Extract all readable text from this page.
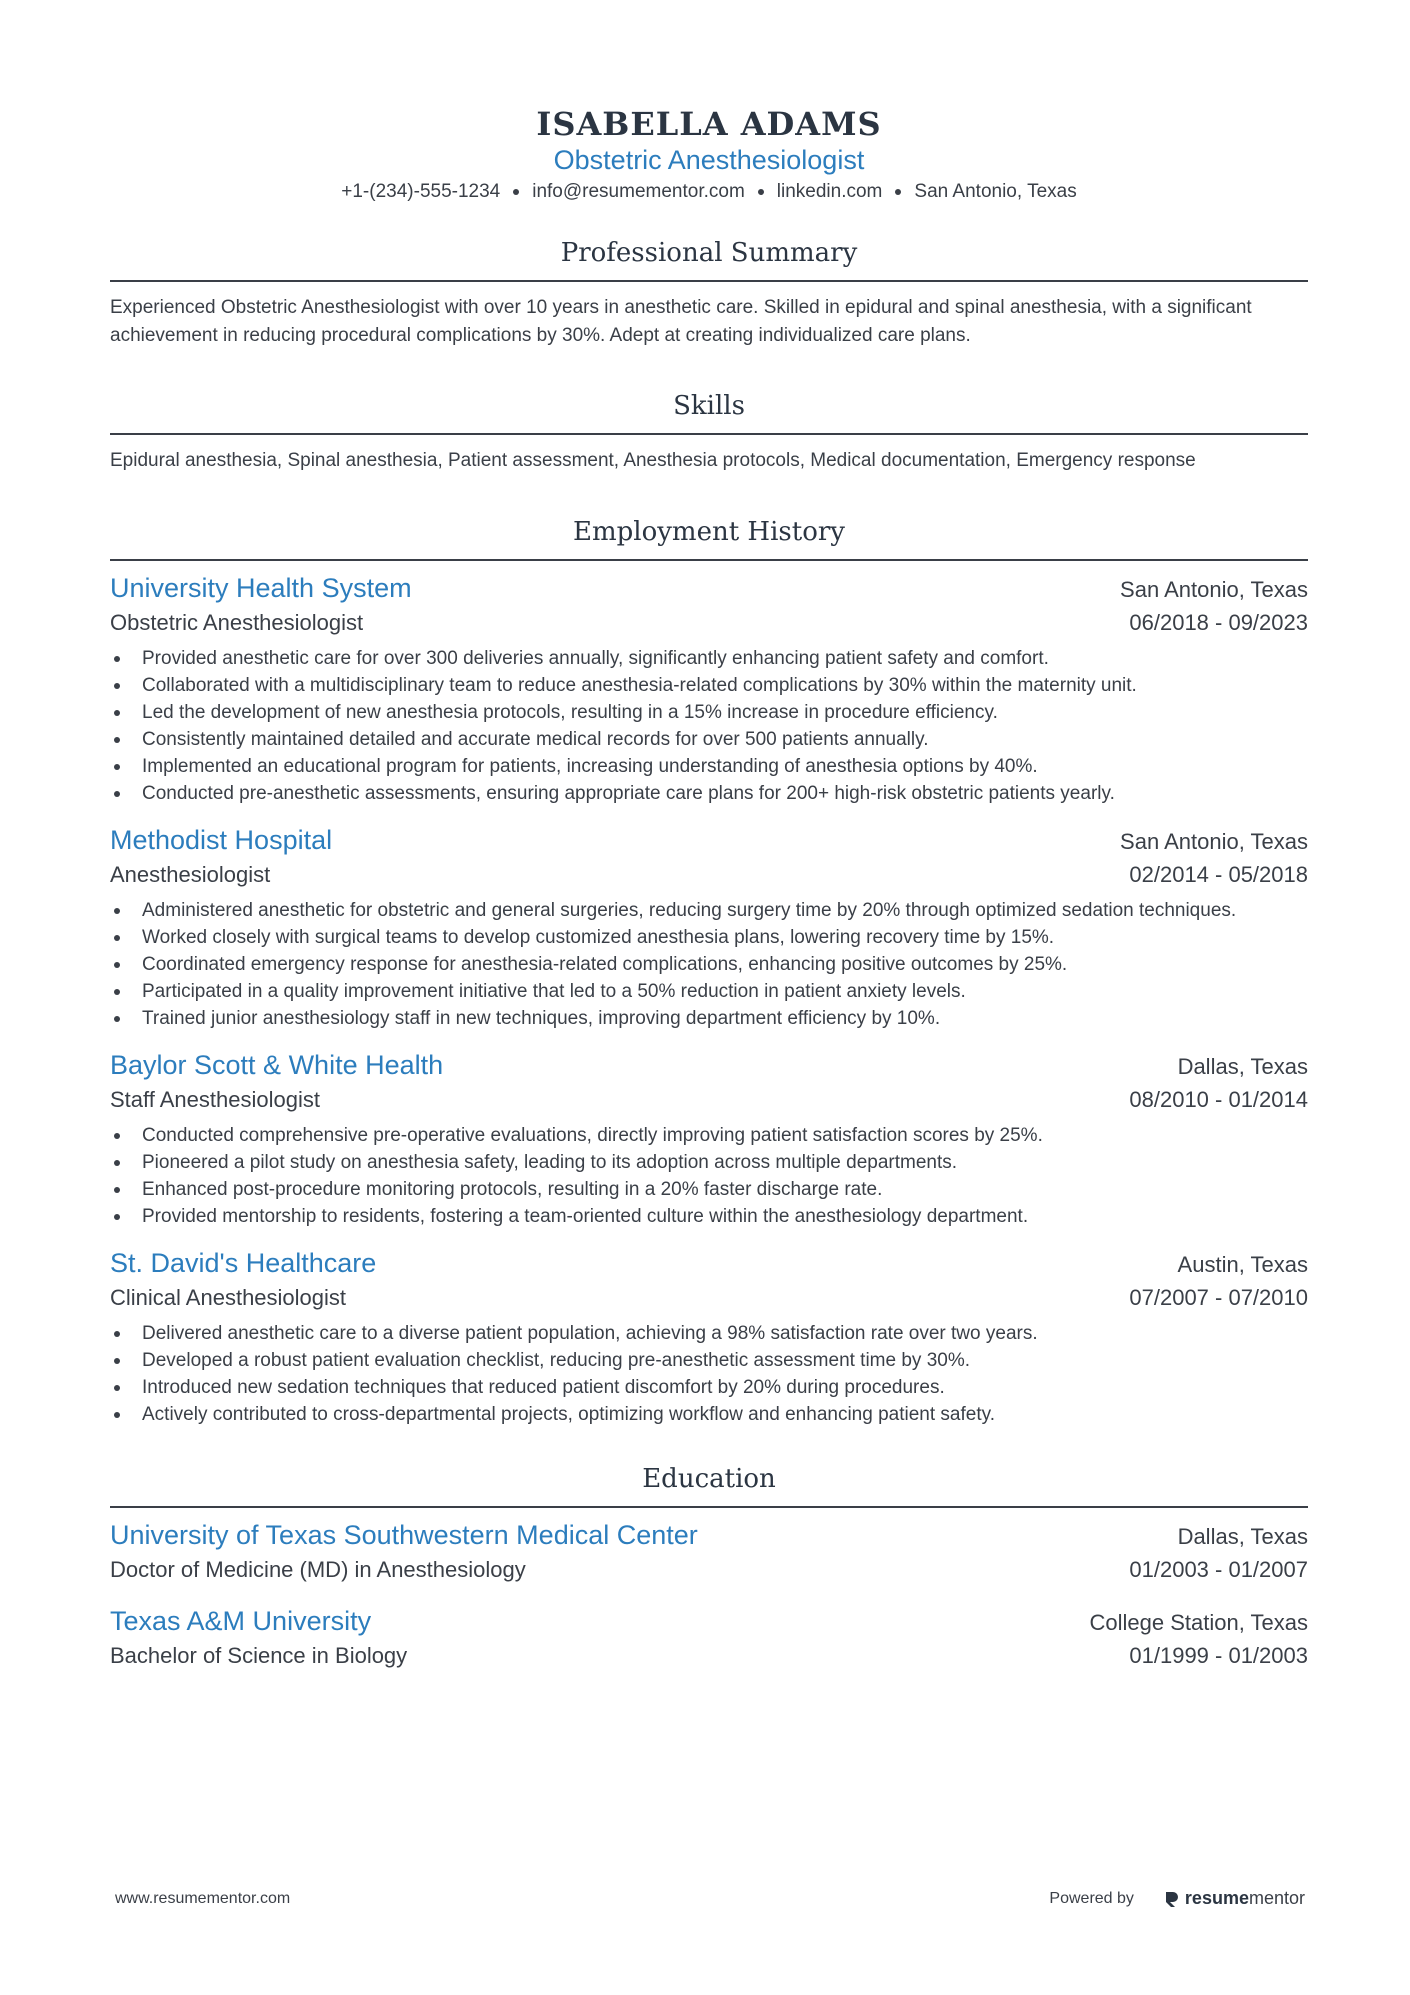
ISABELLA ADAMS
Obstetric Anesthesiologist
+1-(234)-555-1234 info@resumementor.com linkedin.com San Antonio, Texas
Professional Summary
Experienced Obstetric Anesthesiologist with over 10 years in anesthetic care. Skilled in epidural and spinal anesthesia, with a significant achievement in reducing procedural complications by 30%. Adept at creating individualized care plans.
Skills
Epidural anesthesia, Spinal anesthesia, Patient assessment, Anesthesia protocols, Medical documentation, Emergency response
Employment History
University Health System	San Antonio, Texas
Obstetric Anesthesiologist	06/2018 - 09/2023
Provided anesthetic care for over 300 deliveries annually, significantly enhancing patient safety and comfort.
Collaborated with a multidisciplinary team to reduce anesthesia-related complications by 30% within the maternity unit.
Led the development of new anesthesia protocols, resulting in a 15% increase in procedure efficiency.
Consistently maintained detailed and accurate medical records for over 500 patients annually.
Implemented an educational program for patients, increasing understanding of anesthesia options by 40%.
Conducted pre-anesthetic assessments, ensuring appropriate care plans for 200+ high-risk obstetric patients yearly.
Methodist Hospital	San Antonio, Texas
Anesthesiologist	02/2014 - 05/2018
Administered anesthetic for obstetric and general surgeries, reducing surgery time by 20% through optimized sedation techniques.
Worked closely with surgical teams to develop customized anesthesia plans, lowering recovery time by 15%.
Coordinated emergency response for anesthesia-related complications, enhancing positive outcomes by 25%.
Participated in a quality improvement initiative that led to a 50% reduction in patient anxiety levels.
Trained junior anesthesiology staff in new techniques, improving department efficiency by 10%.
Baylor Scott & White Health	Dallas, Texas
Staff Anesthesiologist	08/2010 - 01/2014
Conducted comprehensive pre-operative evaluations, directly improving patient satisfaction scores by 25%.
Pioneered a pilot study on anesthesia safety, leading to its adoption across multiple departments.
Enhanced post-procedure monitoring protocols, resulting in a 20% faster discharge rate.
Provided mentorship to residents, fostering a team-oriented culture within the anesthesiology department.
St. David's Healthcare	Austin, Texas
Clinical Anesthesiologist	07/2007 - 07/2010
Delivered anesthetic care to a diverse patient population, achieving a 98% satisfaction rate over two years.
Developed a robust patient evaluation checklist, reducing pre-anesthetic assessment time by 30%.
Introduced new sedation techniques that reduced patient discomfort by 20% during procedures.
Actively contributed to cross-departmental projects, optimizing workflow and enhancing patient safety.
Education
University of Texas Southwestern Medical Center	Dallas, Texas
Doctor of Medicine (MD) in Anesthesiology	01/2003 - 01/2007
Texas A&M University	College Station, Texas
Bachelor of Science in Biology	01/1999 - 01/2003
www.resumementor.com	Powered by	resume mentor
